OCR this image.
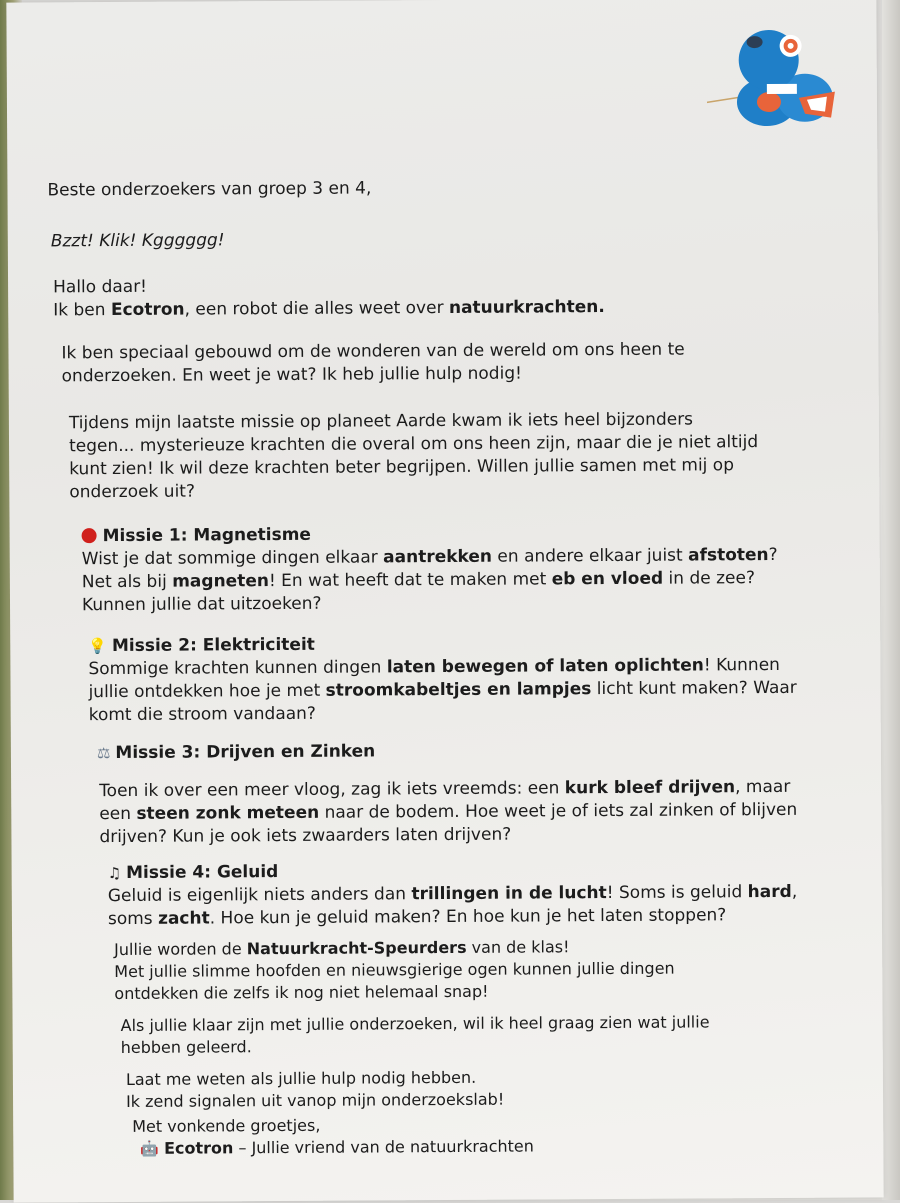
Beste onderzoekers van groep 3 en 4,
Bzzt! Klik! Kgggggg!
Hallo daar!
Ik ben Ecotron, een robot die alles weet over natuurkrachten.
Ik ben speciaal gebouwd om de wonderen van de wereld om ons heen te
onderzoeken. En weet je wat? Ik heb jullie hulp nodig!
Tijdens mijn laatste missie op planeet Aarde kwam ik iets heel bijzonders
tegen... mysterieuze krachten die overal om ons heen zijn, maar die je niet altijd
kunt zien! Ik wil deze krachten beter begrijpen. Willen jullie samen met mij op
onderzoek uit?
Missie 1: Magnetisme
Wist je dat sommige dingen elkaar aantrekken en andere elkaar juist afstoten?
Net als bij magneten! En wat heeft dat te maken met eb en vloed in de zee?
Kunnen jullie dat uitzoeken?
💡 Missie 2: Elektriciteit
Sommige krachten kunnen dingen laten bewegen of laten oplichten! Kunnen
jullie ontdekken hoe je met stroomkabeltjes en lampjes licht kunt maken? Waar
komt die stroom vandaan?
⚖ Missie 3: Drijven en Zinken
Toen ik over een meer vloog, zag ik iets vreemds: een kurk bleef drijven, maar
een steen zonk meteen naar de bodem. Hoe weet je of iets zal zinken of blijven
drijven? Kun je ook iets zwaarders laten drijven?
♫ Missie 4: Geluid
Geluid is eigenlijk niets anders dan trillingen in de lucht! Soms is geluid hard,
soms zacht. Hoe kun je geluid maken? En hoe kun je het laten stoppen?
Jullie worden de Natuurkracht-Speurders van de klas!
Met jullie slimme hoofden en nieuwsgierige ogen kunnen jullie dingen
ontdekken die zelfs ik nog niet helemaal snap!
Als jullie klaar zijn met jullie onderzoeken, wil ik heel graag zien wat jullie
hebben geleerd.
Laat me weten als jullie hulp nodig hebben.
Ik zend signalen uit vanop mijn onderzoekslab!
Met vonkende groetjes,
🤖 Ecotron – Jullie vriend van de natuurkrachten
